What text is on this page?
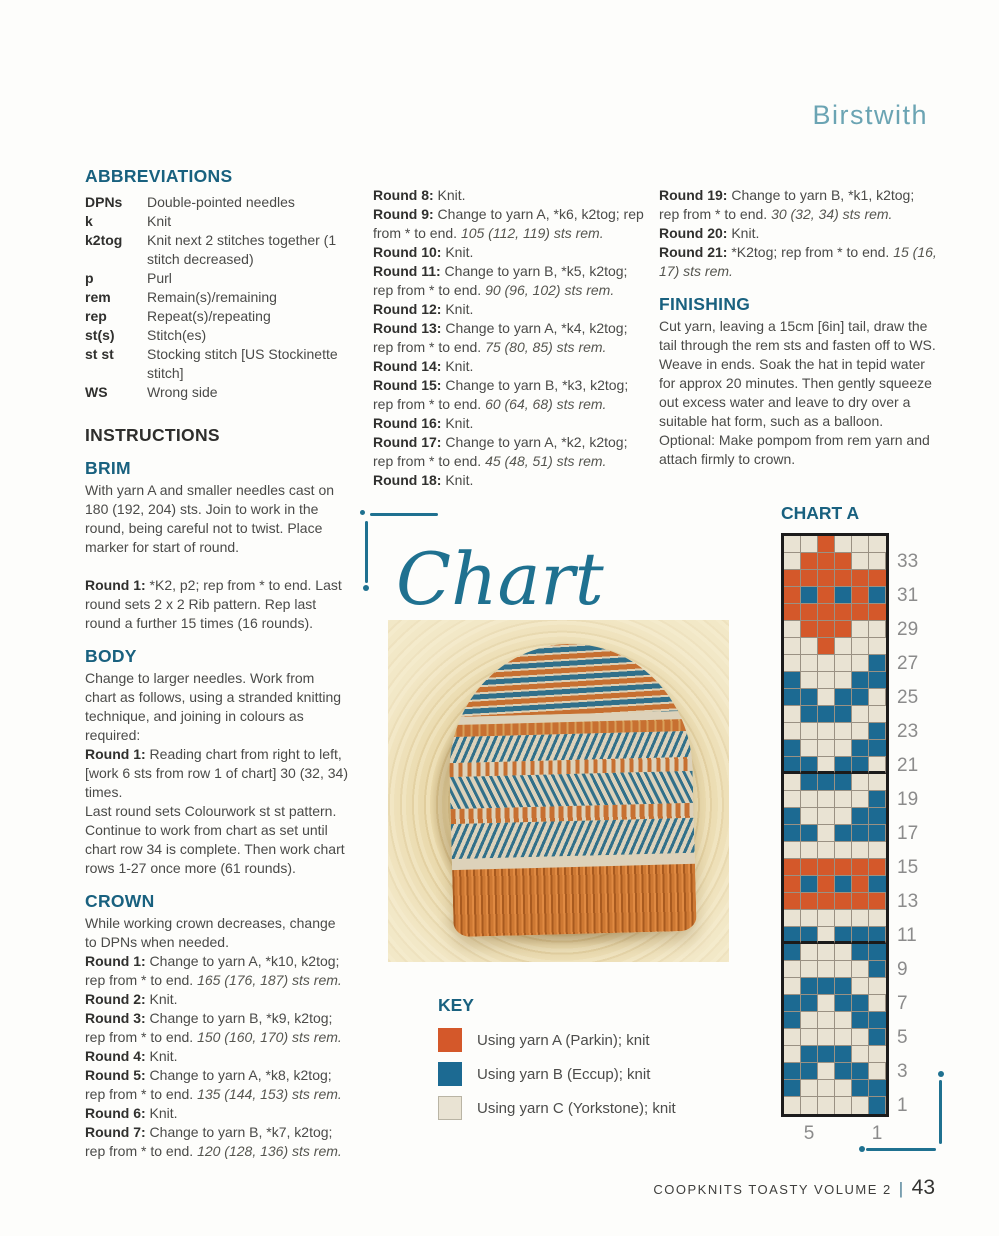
Birstwith
ABBREVIATIONS
DPNs	Double-pointed needles
k	Knit
k2tog	Knit next 2 stitches together (1 stitch decreased)
p	Purl
rem	Remain(s)/remaining
rep	Repeat(s)/repeating
st(s)	Stitch(es)
st st	Stocking stitch [US Stockinette stitch]
WS	Wrong side
INSTRUCTIONS
BRIM

With yarn A and smaller needles cast on 180 (192, 204) sts. Join to work in the round, being careful not to twist. Place marker for start of round.

Round 1: *K2, p2; rep from * to end. Last round sets 2 x 2 Rib pattern. Rep last round a further 15 times (16 rounds).

BODY

Change to larger needles. Work from chart as follows, using a stranded knitting technique, and joining in colours as required:

Round 1: Reading chart from right to left, [work 6 sts from row 1 of chart] 30 (32, 34) times.

Last round sets Colourwork st st pattern. Continue to work from chart as set until chart row 34 is complete. Then work chart rows 1-27 once more (61 rounds).

CROWN

While working crown decreases, change to DPNs when needed.

Round 1: Change to yarn A, *k10, k2tog; rep from * to end. 165 (176, 187) sts rem.

Round 2: Knit.

Round 3: Change to yarn B, *k9, k2tog; rep from * to end. 150 (160, 170) sts rem.

Round 4: Knit.

Round 5: Change to yarn A, *k8, k2tog; rep from * to end. 135 (144, 153) sts rem.

Round 6: Knit.

Round 7: Change to yarn B, *k7, k2tog; rep from * to end. 120 (128, 136) sts rem.

Round 8: Knit.

Round 9: Change to yarn A, *k6, k2tog; rep from * to end. 105 (112, 119) sts rem.

Round 10: Knit.

Round 11: Change to yarn B, *k5, k2tog; rep from * to end. 90 (96, 102) sts rem.

Round 12: Knit.

Round 13: Change to yarn A, *k4, k2tog; rep from * to end. 75 (80, 85) sts rem.

Round 14: Knit.

Round 15: Change to yarn B, *k3, k2tog; rep from * to end. 60 (64, 68) sts rem.

Round 16: Knit.

Round 17: Change to yarn A, *k2, k2tog; rep from * to end. 45 (48, 51) sts rem.

Round 18: Knit.

Round 19: Change to yarn B, *k1, k2tog; rep from * to end. 30 (32, 34) sts rem.

Round 20: Knit.

Round 21: *K2tog; rep from * to end. 15 (16, 17) sts rem.

FINISHING

Cut yarn, leaving a 15cm [6in] tail, draw the tail through the rem sts and fasten off to WS. Weave in ends. Soak the hat in tepid water for approx 20 minutes. Then gently squeeze out excess water and leave to dry over a suitable hat form, such as a balloon.

Optional: Make pompom from rem yarn and attach firmly to crown.

Chart
KEY
Using yarn A (Parkin); knit
Using yarn B (Eccup); knit
Using yarn C (Yorkstone); knit
CHART A
33
31
29
27
25
23
21
19
17
15
13
11
9
7
5
3
1
5	1
COOPKNITS TOASTY VOLUME 2 | 43
